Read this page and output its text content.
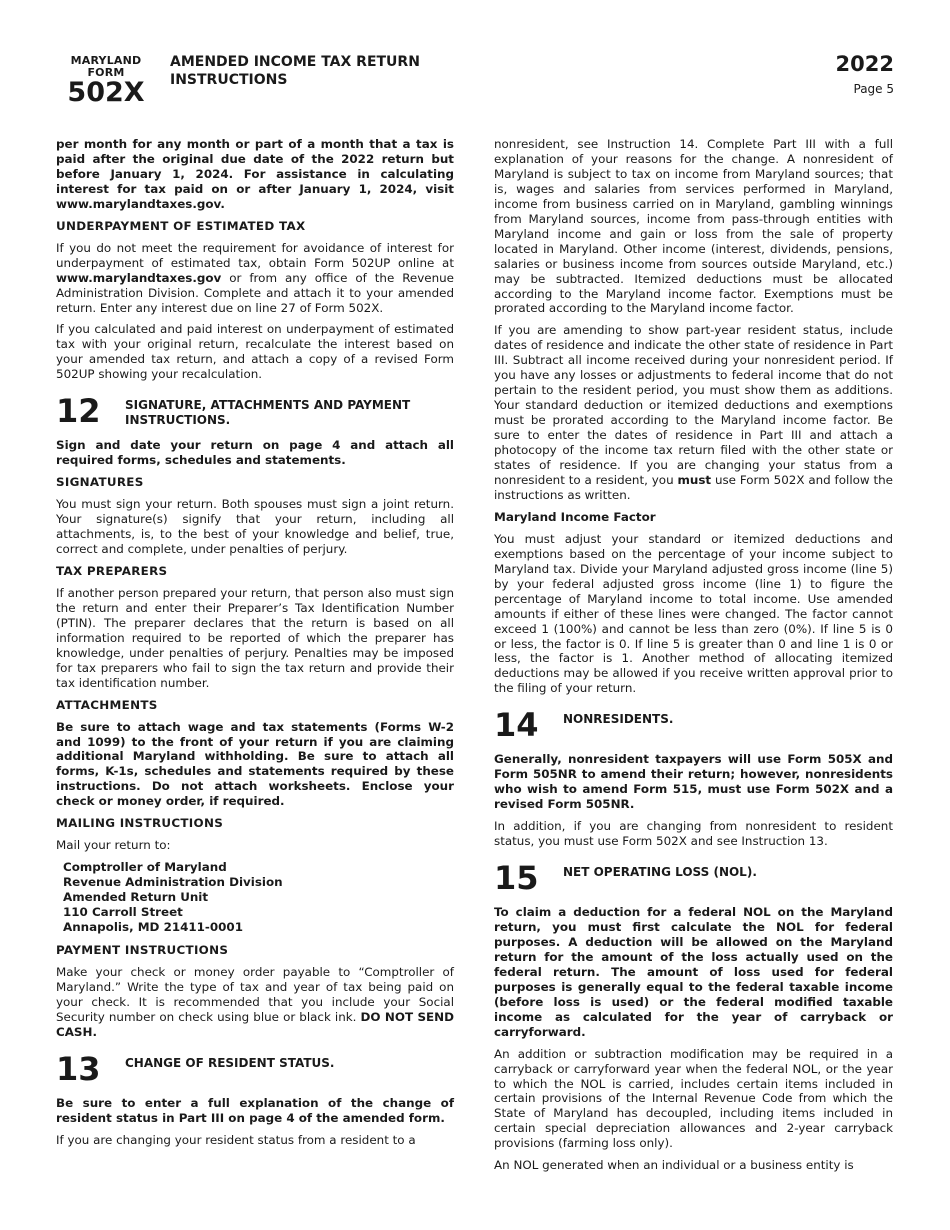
MARYLAND
FORM
502X
AMENDED INCOME TAX RETURN
INSTRUCTIONS
2022
Page 5

per month for any month or part of a month that a tax is paid after the original due date of the 2022 return but before January 1, 2024. For assistance in calculating interest for tax paid on or after January 1, 2024, visit www.marylandtaxes.gov.

UNDERPAYMENT OF ESTIMATED TAX

If you do not meet the requirement for avoidance of interest for underpayment of estimated tax, obtain Form 502UP online at www.marylandtaxes.gov or from any office of the Revenue Administration Division. Complete and attach it to your amended return. Enter any interest due on line 27 of Form 502X.

If you calculated and paid interest on underpayment of estimated tax with your original return, recalculate the interest based on your amended tax return, and attach a copy of a revised Form 502UP showing your recalculation.

12 SIGNATURE, ATTACHMENTS AND PAYMENT INSTRUCTIONS.

Sign and date your return on page 4 and attach all required forms, schedules and statements.

SIGNATURES

You must sign your return. Both spouses must sign a joint return. Your signature(s) signify that your return, including all attachments, is, to the best of your knowledge and belief, true, correct and complete, under penalties of perjury.

TAX PREPARERS

If another person prepared your return, that person also must sign the return and enter their Preparer’s Tax Identification Number (PTIN). The preparer declares that the return is based on all information required to be reported of which the preparer has knowledge, under penalties of perjury. Penalties may be imposed for tax preparers who fail to sign the tax return and provide their tax identification number.

ATTACHMENTS

Be sure to attach wage and tax statements (Forms W-2 and 1099) to the front of your return if you are claiming additional Maryland withholding. Be sure to attach all forms, K-1s, schedules and statements required by these instructions. Do not attach worksheets. Enclose your check or money order, if required.

MAILING INSTRUCTIONS

Mail your return to:

Comptroller of Maryland
Revenue Administration Division
Amended Return Unit
110 Carroll Street
Annapolis, MD 21411-0001
PAYMENT INSTRUCTIONS

Make your check or money order payable to “Comptroller of Maryland.” Write the type of tax and year of tax being paid on your check. It is recommended that you include your Social Security number on check using blue or black ink. DO NOT SEND CASH.

13 CHANGE OF RESIDENT STATUS.

Be sure to enter a full explanation of the change of resident status in Part III on page 4 of the amended form.

If you are changing your resident status from a resident to a

nonresident, see Instruction 14. Complete Part III with a full explanation of your reasons for the change. A nonresident of Maryland is subject to tax on income from Maryland sources; that is, wages and salaries from services performed in Maryland, income from business carried on in Maryland, gambling winnings from Maryland sources, income from pass-through entities with Maryland income and gain or loss from the sale of property located in Maryland. Other income (interest, dividends, pensions, salaries or business income from sources outside Maryland, etc.) may be subtracted. Itemized deductions must be allocated according to the Maryland income factor. Exemptions must be prorated according to the Maryland income factor.

If you are amending to show part-year resident status, include dates of residence and indicate the other state of residence in Part III. Subtract all income received during your nonresident period. If you have any losses or adjustments to federal income that do not pertain to the resident period, you must show them as additions. Your standard deduction or itemized deductions and exemptions must be prorated according to the Maryland income factor. Be sure to enter the dates of residence in Part III and attach a photocopy of the income tax return filed with the other state or states of residence. If you are changing your status from a nonresident to a resident, you must use Form 502X and follow the instructions as written.

Maryland Income Factor

You must adjust your standard or itemized deductions and exemptions based on the percentage of your income subject to Maryland tax. Divide your Maryland adjusted gross income (line 5) by your federal adjusted gross income (line 1) to figure the percentage of Maryland income to total income. Use amended amounts if either of these lines were changed. The factor cannot exceed 1 (100%) and cannot be less than zero (0%). If line 5 is 0 or less, the factor is 0. If line 5 is greater than 0 and line 1 is 0 or less, the factor is 1. Another method of allocating itemized deductions may be allowed if you receive written approval prior to the filing of your return.

14 NONRESIDENTS.

Generally, nonresident taxpayers will use Form 505X and Form 505NR to amend their return; however, nonresidents who wish to amend Form 515, must use Form 502X and a revised Form 505NR.

In addition, if you are changing from nonresident to resident status, you must use Form 502X and see Instruction 13.

15 NET OPERATING LOSS (NOL).

To claim a deduction for a federal NOL on the Maryland return, you must first calculate the NOL for federal purposes. A deduction will be allowed on the Maryland return for the amount of the loss actually used on the federal return. The amount of loss used for federal purposes is generally equal to the federal taxable income (before loss is used) or the federal modified taxable income as calculated for the year of carryback or carryforward.

An addition or subtraction modification may be required in a carryback or carryforward year when the federal NOL, or the year to which the NOL is carried, includes certain items included in certain provisions of the Internal Revenue Code from which the State of Maryland has decoupled, including items included in certain special depreciation allowances and 2-year carryback provisions (farming loss only).

An NOL generated when an individual or a business entity is
